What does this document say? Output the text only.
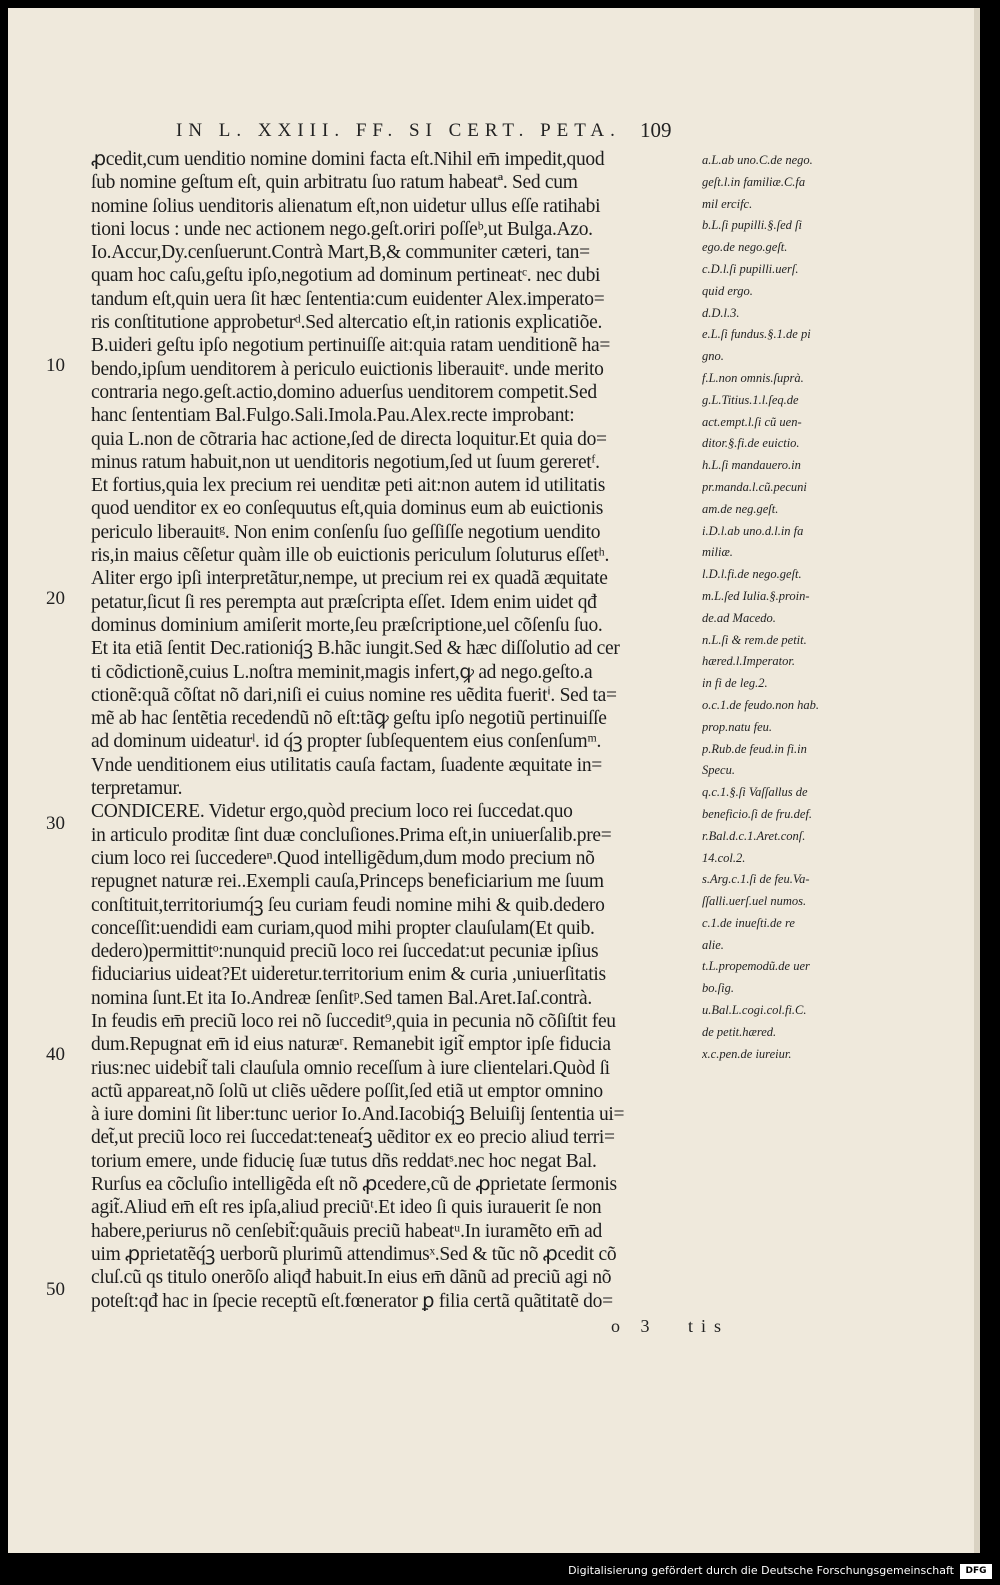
IN L. XXIII. FF. SI CERT. PETA. 109
ꝓcedit,cum uenditio nomine domini facta eſt.Nihil em̄ impedit,quod
ſub nomine geſtum eſt, quin arbitratu ſuo ratum habeatª. Sed cum
nomine ſolius uenditoris alienatum eſt,non uidetur ullus eſſe ratihabi
tioni locus : unde nec actionem nego.geſt.oriri poſſeᵇ,ut Bulga.Azo.
Io.Accur,Dy.cenſuerunt.Contrà Mart,B,& communiter cæteri, tan=
quam hoc caſu,geſtu ipſo,negotium ad dominum pertineatᶜ. nec dubi
tandum eſt,quin uera ſit hæc ſententia:cum euidenter Alex.imperato=
ris conſtitutione approbeturᵈ.Sed altercatio eſt,in rationis explicatiõe.
B.uideri geſtu ipſo negotium pertinuiſſe ait:quia ratam uenditionẽ ha=
bendo,ipſum uenditorem à periculo euictionis liberauitᵉ. unde merito
contraria nego.geſt.actio,domino aduerſus uenditorem competit.Sed
hanc ſententiam Bal.Fulgo.Sali.Imola.Pau.Alex.recte improbant:
quia L.non de cõtraria hac actione,ſed de directa loquitur.Et quia do=
minus ratum habuit,non ut uenditoris negotium,ſed ut ſuum gereretᶠ.
Et fortius,quia lex precium rei uenditæ peti ait:non autem id utilitatis
quod uenditor ex eo conſequutus eſt,quia dominus eum ab euictionis
periculo liberauitᵍ. Non enim conſenſu ſuo geſſiſſe negotium uendito
ris,in maius cẽſetur quàm ille ob euictionis periculum ſoluturus eſſetʰ.
Aliter ergo ipſi interpretãtur,nempe, ut precium rei ex quadã æquitate
petatur,ſicut ſi res perempta aut præſcripta eſſet. Idem enim uidet qđ
dominus dominium amiſerit morte,ſeu præſcriptione,uel cõſenſu ſuo.
Et ita etiã ſentit Dec.rationiq́ꝫ B.hãc iungit.Sed & hæc diſſolutio ad cer
ti cõdictionẽ,cuius L.noſtra meminit,magis infert,ꝙ ad nego.geſto.a
ctionẽ:quã cõſtat nõ dari,niſi ei cuius nomine res uẽdita fueritⁱ. Sed ta=
mẽ ab hac ſentẽtia recedendũ nõ eſt:tãꝙ geſtu ipſo negotiũ pertinuiſſe
ad dominum uideaturˡ. id q́ꝫ propter ſubſequentem eius conſenſumᵐ.
Vnde uenditionem eius utilitatis cauſa factam, ſuadente æquitate in=
terpretamur.
CONDICERE. Videtur ergo,quòd precium loco rei ſuccedat.quo
in articulo proditæ ſint duæ concluſiones.Prima eſt,in uniuerſalib.pre=
cium loco rei ſuccedereⁿ.Quod intelligẽdum,dum modo precium nõ
repugnet naturæ rei..Exempli cauſa,Princeps beneficiarium me ſuum
conſtituit,territoriumq́ꝫ ſeu curiam feudi nomine mihi & quib.dedero
conceſſit:uendidi eam curiam,quod mihi propter clauſulam(Et quib.
dedero)permittitᵒ:nunquid preciũ loco rei ſuccedat:ut pecuniæ ipſius
fiduciarius uideat?Et uideretur.territorium enim & curia ,uniuerſitatis
nomina ſunt.Et ita Io.Andreæ ſenſitᵖ.Sed tamen Bal.Aret.Iaſ.contrà.
In feudis em̄ preciũ loco rei nõ ſuccedit⁹,quia in pecunia nõ cõſiſtit feu
dum.Repugnat em̄ id eius naturæʳ. Remanebit igit̃ emptor ipſe fiducia
rius:nec uidebit̃ tali clauſula omnio receſſum à iure clientelari.Quòd ſi
actũ appareat,nõ ſolũ ut cliẽs uẽdere poſſit,ſed etiã ut emptor omnino
à iure domini ſit liber:tunc uerior Io.And.Iacobiq́ꝫ Beluiſij ſententia ui=
det̃,ut preciũ loco rei ſuccedat:teneat́ꝫ uẽditor ex eo precio aliud terri=
torium emere, unde fiducię ſuæ tutus dñs reddatˢ.nec hoc negat Bal.
Rurſus ea cõcluſio intelligẽda eſt nõ ꝓcedere,cũ de ꝓprietate ſermonis
agit̃.Aliud em̄ eſt res ipſa,aliud preciũᵗ.Et ideo ſi quis iurauerit ſe non
habere,periurus nõ cenſebit̃:quãuis preciũ habeatᵘ.In iuramẽto em̄ ad
uim ꝓprietatẽq́ꝫ uerborũ plurimũ attendimusˣ.Sed & tũc nõ ꝓcedit cõ
cluſ.cũ qs titulo onerõſo aliqđ habuit.In eius em̄ dãnũ ad preciũ agi nõ
poteſt:qđ hac in ſpecie receptũ eſt.fœnerator ꝑ filia certã quãtitatẽ do=
a.L.ab uno.C.de nego.
geſt.l.in familiæ.C.fa
mil ercifc.
b.L.ſi pupilli.§.ſed ſi
ego.de nego.geſt.
c.D.l.ſi pupilli.uerſ.
quid ergo.
d.D.l.3.
e.L.ſi fundus.§.1.de pi
gno.
f.L.non omnis.ſuprà.
g.L.Titius.1.l.ſeq.de
act.empt.l.ſi cũ uen-
ditor.§.fi.de euictio.
h.L.ſi mandauero.in
pr.manda.l.cũ.pecuni
am.de neg.geſt.
i.D.l.ab uno.d.l.in fa
miliæ.
l.D.l.fi.de nego.geſt.
m.L.ſed Iulia.§.proin-
de.ad Macedo.
n.L.ſi & rem.de petit.
hæred.l.Imperator.
in fi de leg.2.
o.c.1.de feudo.non hab.
prop.natu feu.
p.Rub.de feud.in fi.in
Specu.
q.c.1.§.ſi Vaſſallus de
beneficio.ſi de fru.def.
r.Bal.d.c.1.Aret.conſ.
14.col.2.
s.Arg.c.1.ſi de feu.Va-
ſſalli.uerſ.uel numos.
c.1.de inueſti.de re
alie.
t.L.propemodũ.de uer
bo.ſig.
u.Bal.L.cogi.col.fi.C.
de petit.hæred.
x.c.pen.de iureiur.
10
20
30
40
50
o 3 tis
Digitalisierung gefördert durch die Deutsche Forschungsgemeinschaft	DFG
